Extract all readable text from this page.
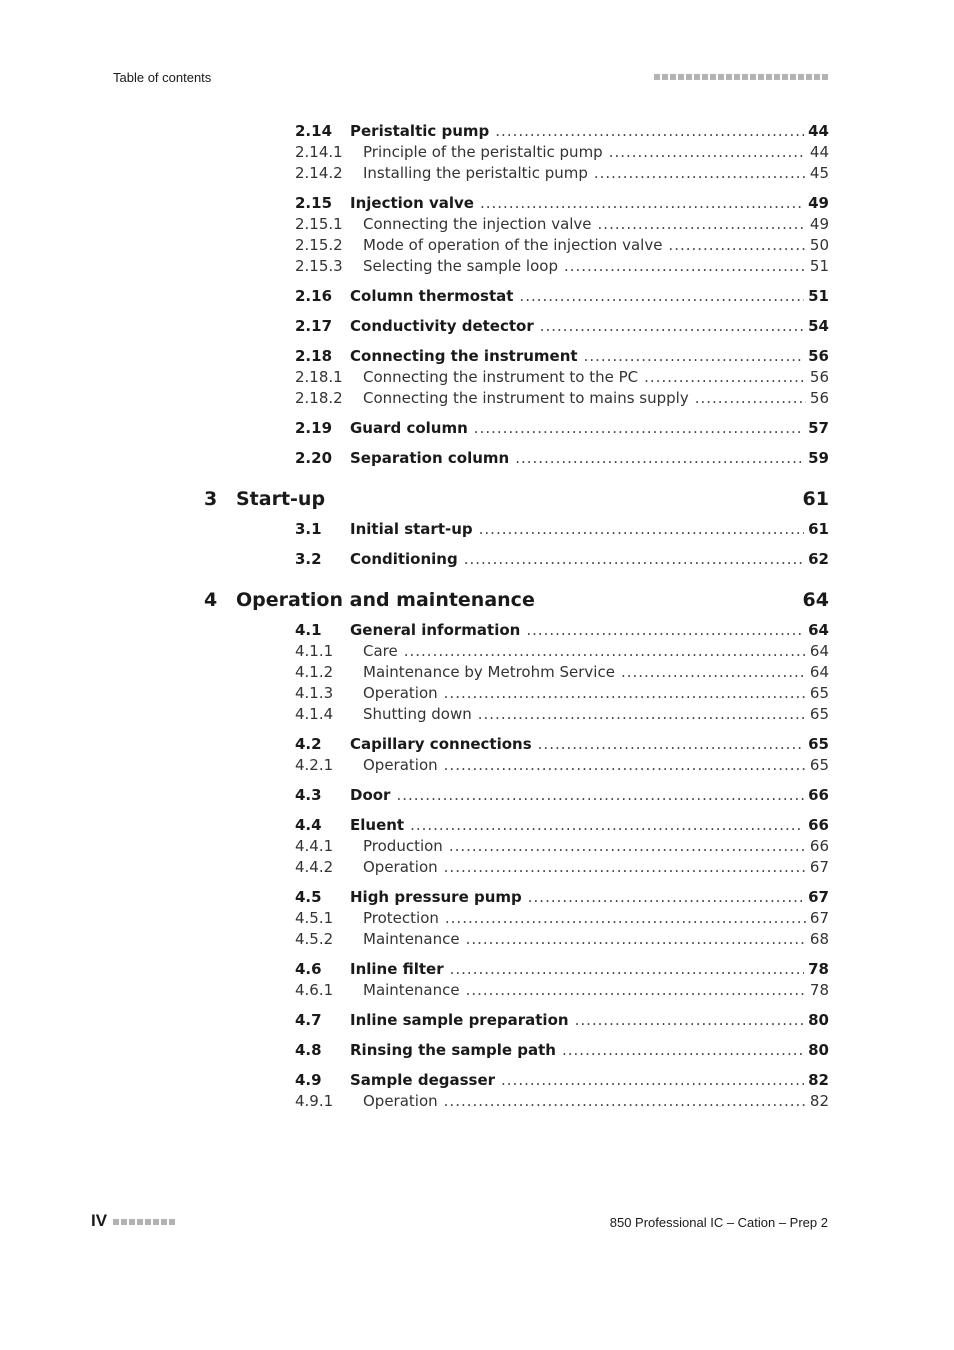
Table of contents
2.14	Peristaltic pump .....	44
2.14.1	Principle of the peristaltic pump .....	44
2.14.2	Installing the peristaltic pump .....	45
2.15	Injection valve .....	49
2.15.1	Connecting the injection valve .....	49
2.15.2	Mode of operation of the injection valve .....	50
2.15.3	Selecting the sample loop .....	51
2.16	Column thermostat .....	51
2.17	Conductivity detector .....	54
2.18	Connecting the instrument .....	56
2.18.1	Connecting the instrument to the PC .....	56
2.18.2	Connecting the instrument to mains supply .....	56
2.19	Guard column .....	57
2.20	Separation column .....	59
3 Start-up	61
3.1	Initial start-up .....	61
3.2	Conditioning .....	62
4 Operation and maintenance	64
4.1	General information .....	64
4.1.1	Care .....	64
4.1.2	Maintenance by Metrohm Service .....	64
4.1.3	Operation .....	65
4.1.4	Shutting down .....	65
4.2	Capillary connections .....	65
4.2.1	Operation .....	65
4.3	Door .....	66
4.4	Eluent .....	66
4.4.1	Production .....	66
4.4.2	Operation .....	67
4.5	High pressure pump .....	67
4.5.1	Protection .....	67
4.5.2	Maintenance .....	68
4.6	Inline filter .....	78
4.6.1	Maintenance .....	78
4.7	Inline sample preparation .....	80
4.8	Rinsing the sample path .....	80
4.9	Sample degasser .....	82
4.9.1	Operation .....	82
IV	850 Professional IC – Cation – Prep 2
